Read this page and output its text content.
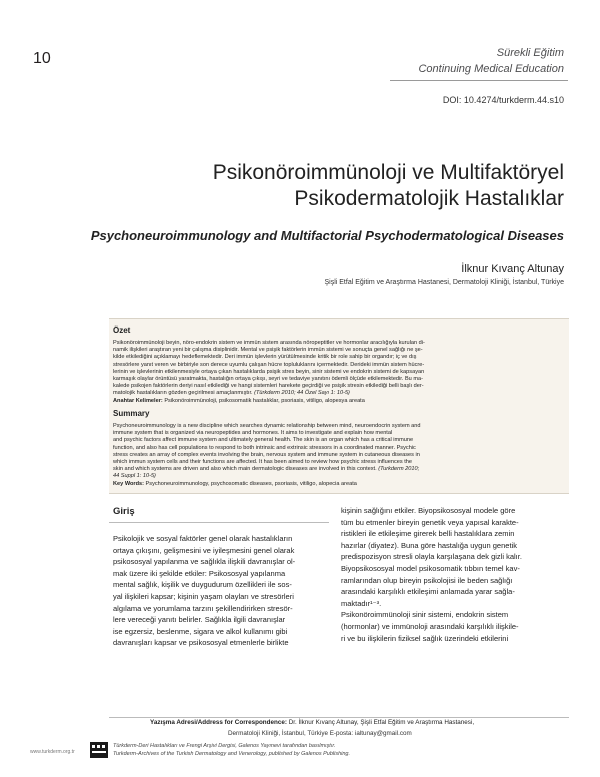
10	Sürekli Eğitim
Continuing Medical Education
DOI: 10.4274/turkderm.44.s10
Psikonöroimmünoloji ve Multifaktöryel
Psikodermatolojik Hastalıklar
Psychoneuroimmunology and Multifactorial Psychodermatological Diseases
İlknur Kıvanç Altunay
Şişli Etfal Eğitim ve Araştırma Hastanesi, Dermatoloji Kliniği, İstanbul, Türkiye
Özet
Psikonöroimmünoloji beyin, nöro-endokrin sistem ve immün sistem arasında nöropeptitler ve hormonlar aracılığıyla kurulan di-
namik ilişkileri araştıran yeni bir çalışma disiplinidir. Mental ve psişik faktörlerin immün sistemi ve sonuçta genel sağlığı ne şe-
kilde etkilediğini açıklamayı hedeflemektedir. Deri immün işlevlerin yürütülmesinde kritik bir role sahip bir organdır; iç ve dış
stresörlere yanıt veren ve birbiriyle son derece uyumlu çalışan hücre topluluklarını içermektedir. Derideki immün sistem hücre-
lerinin ve işlevlerinin etkilenmesiyle ortaya çıkan hastalıklarda psişik stres beyin, sinir sistemi ve endokrin sistemi de kapsayan
karmaşık olaylar örüntüsü yaratmakta, hastalığın ortaya çıkışı, seyri ve tedaviye yanıtını ödemli ölçüde etkilemektedir. Bu ma-
kalede psikojen faktörlerin deriyi nasıl etkilediği ve hangi sistemleri harekete geçirdiği ve psişik stresin etkilediği belli başlı der-
matolojik hastalıkların gözden geçirilmesi amaçlanmıştır. (Türkderm 2010; 44 Özel Sayı 1: 10-5)
Anahtar Kelimeler: Psikonöroimmünoloji, psikosomatik hastalıklar, psoriasis, vitiligo, alopesya areata
Summary
Psychoneuroimmunology is a new discipline which searches dynamic relationship between mind, neuroendocrin system and
immune system that is organized via neuropeptides and hormones. It aims to investigate and explain how mental
and psychic factors affect immune system and ultimately general health. The skin is an organ which has a critical immune
function, and also has cell populations to respond to both intrinsic and extrinsic stressors in a coordinated manner. Psychic
stress creates an array of complex events involving the brain, nervous system and immune system in cutaneous diseases in
which immun system cells and their functions are affected. It has been aimed to review how psychic stress influences the
skin and which systems are driven and also which main dermatologic diseases are involved in this context. (Turkderm 2010;
44 Suppl 1: 10-5)
Key Words: Psychoneuroimmunology, psychosomatic diseases, psoriasis, vitiligo, alopecia areata
Giriş

Psikolojik ve sosyal faktörler genel olarak hastalıkların

ortaya çıkışını, gelişmesini ve iyileşmesini genel olarak

psikososyal yapılanma ve sağlıkla ilişkili davranışlar ol-

mak üzere iki şekilde etkiler: Psikososyal yapılanma

mental sağlık, kişilik ve duygudurum özellikleri ile sos-

yal ilişkileri kapsar; kişinin yaşam olayları ve stresörleri

algılama ve yorumlama tarzını şekillendirirken stresör-

lere vereceği yanıtı belirler. Sağlıkla ilgili davranışlar

ise egzersiz, beslenme, sigara ve alkol kullanımı gibi

davranışları kapsar ve psikososyal etmenlerle birlikte

kişinin sağlığını etkiler. Biyopsikososyal modele göre

tüm bu etmenler bireyin genetik veya yapısal karakte-

ristikleri ile etkileşime girerek belli hastalıklara zemin

hazırlar (diyatez). Buna göre hastalığa uygun genetik

predispozisyon stresli olayla karşılaşana dek gizli kalır.

Biyopsikososyal model psikosomatik tıbbın temel kav-

ramlarından olup bireyin psikolojisi ile beden sağlığı

arasındaki karşılıklı etkileşimi anlamada yarar sağla-

maktadır¹⁻³.

Psikonöroimmünoloji sinir sistemi, endokrin sistem

(hormonlar) ve immünoloji arasındaki karşılıklı ilişkile-

ri ve bu ilişkilerin fiziksel sağlık üzerindeki etkilerini

Yazışma Adresi/Address for Correspondence: Dr. İlknur Kıvanç Altunay, Şişli Etfal Eğitim ve Araştırma Hastanesi,
Dermatoloji Kliniği, İstanbul, Türkiye E-posta: ialtunay@gmail.com
Türkderm-Deri Hastalıkları ve Frengi Arşivi Dergisi, Galenos Yayınevi tarafından basılmıştır.
Turkderm-Archives of the Turkish Dermatology and Venerology, published by Galenos Publishing.
www.turkderm.org.tr
